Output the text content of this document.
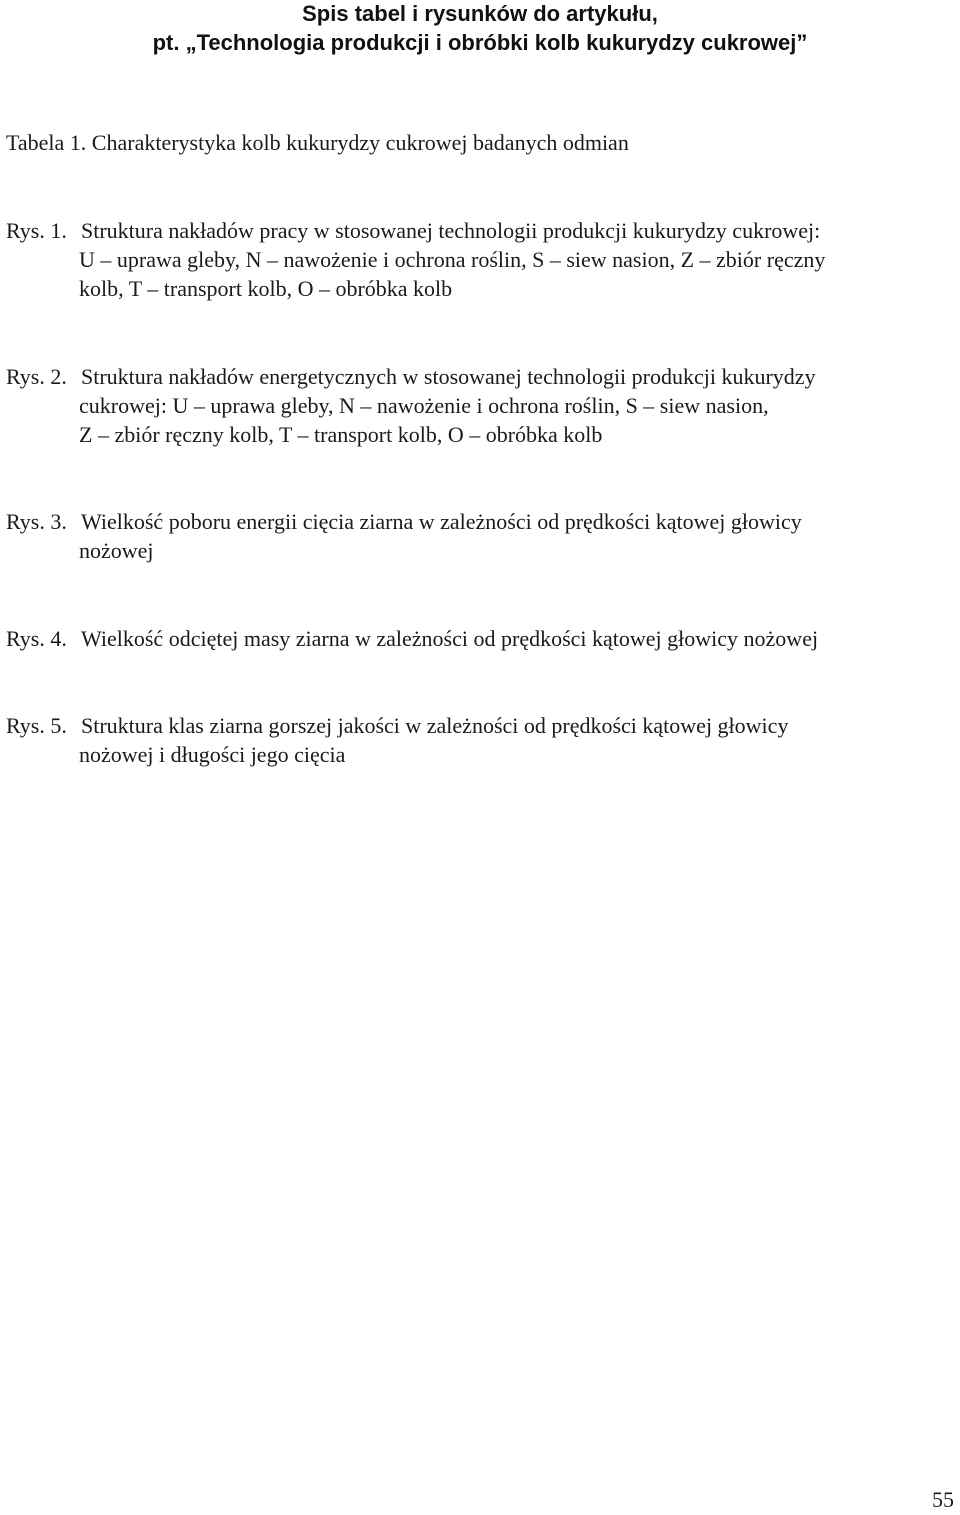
Spis tabel i rysunków do artykułu,
pt. „Technologia produkcji i obróbki kolb kukurydzy cukrowej”
Tabela 1. Charakterystyka kolb kukurydzy cukrowej badanych odmian
Rys. 1. Struktura nakładów pracy w stosowanej technologii produkcji kukurydzy cukrowej:
U – uprawa gleby, N – nawożenie i ochrona roślin, S – siew nasion, Z – zbiór ręczny
kolb, T – transport kolb, O – obróbka kolb
Rys. 2. Struktura nakładów energetycznych w stosowanej technologii produkcji kukurydzy
cukrowej: U – uprawa gleby, N – nawożenie i ochrona roślin, S – siew nasion,
Z – zbiór ręczny kolb, T – transport kolb, O – obróbka kolb
Rys. 3. Wielkość poboru energii cięcia ziarna w zależności od prędkości kątowej głowicy
nożowej
Rys. 4. Wielkość odciętej masy ziarna w zależności od prędkości kątowej głowicy nożowej
Rys. 5. Struktura klas ziarna gorszej jakości w zależności od prędkości kątowej głowicy
nożowej i długości jego cięcia
55
